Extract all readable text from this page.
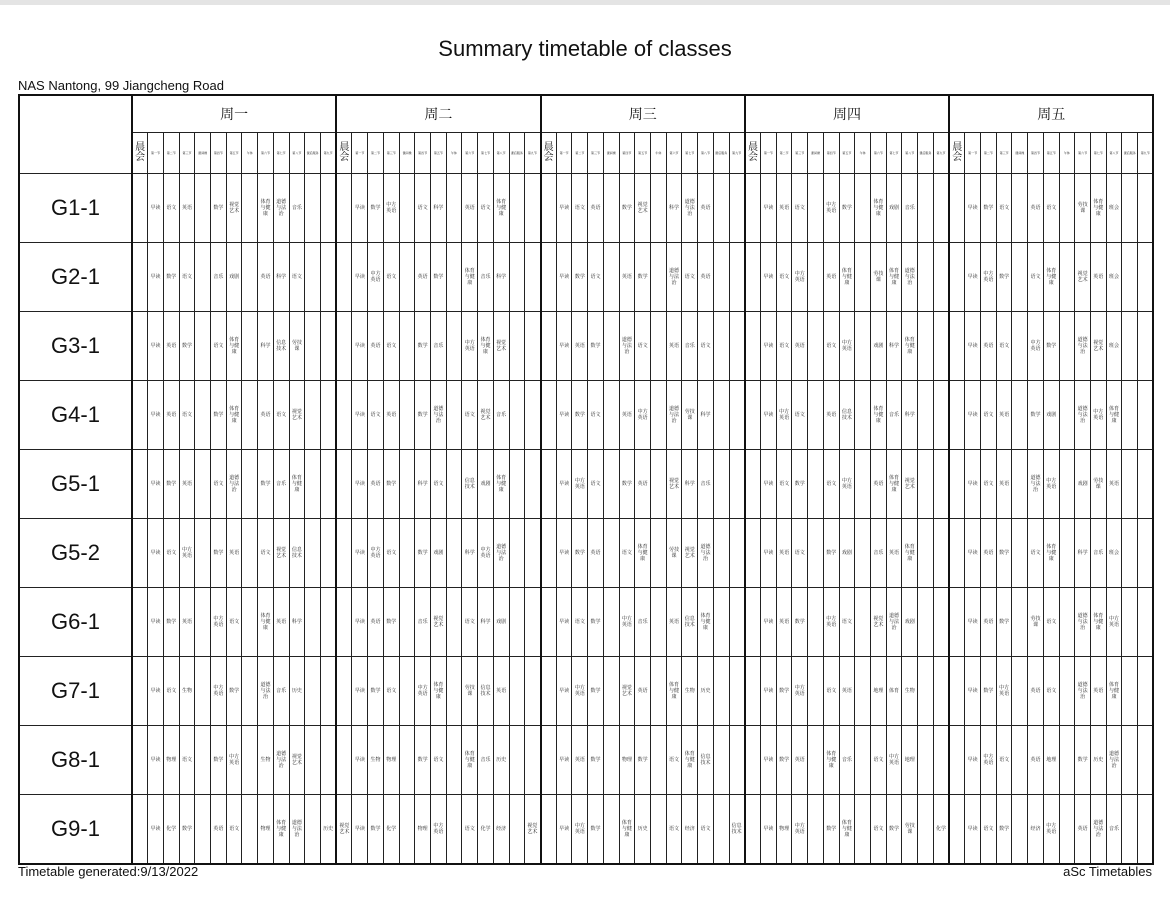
Summary timetable of classes
NAS Nantong, 99 Jiangcheng Road
	周一	周二	周三	周四	周五
晨会	第一节	第二节	第三节	课间操	第四节	第五节	午休	第六节	第七节	第八节	课后服务	第九节	晨会	第一节	第二节	第三节	课间操	第四节	第五节	午休	第六节	第七节	第八节	课后服务	第九节	晨会	第一节	第二节	第三节	课间操	第四节	第五节	午休	第六节	第七节	第八节	课后服务	第九节	晨会	第一节	第二节	第三节	课间操	第四节	第五节	午休	第六节	第七节	第八节	课后服务	第九节	晨会	第一节	第二节	第三节	课间操	第四节	第五节	午休	第六节	第七节	第八节	课后服务	第九节
G1-1		早读	语文	英语		数学	视觉艺术		体育与健康	道德与法治	音乐				早读	数学	中方英语		语文	科学		英语	语文	体育与健康				早读	语文	英语		数学	视觉艺术		科学	道德与法治	英语				早读	英语	语文		中方英语	数学		体育与健康	戏剧	音乐				早读	数学	语文		英语	语文		劳技课	体育与健康	班会		
G2-1		早读	数学	语文		音乐	戏剧		英语	科学	语文				早读	中方英语	语文		英语	数学		体育与健康	音乐	科学				早读	数学	语文		英语	数学		道德与法治	语文	英语				早读	语文	中方英语		英语	体育与健康		劳技课	体育与健康	道德与法治				早读	中方英语	数学		语文	体育与健康		视觉艺术	英语	班会		
G3-1		早读	英语	数学		语文	体育与健康		科学	信息技术	劳技课				早读	英语	语文		数学	音乐		中方英语	体育与健康	视觉艺术				早读	英语	数学		道德与法治	语文		英语	音乐	语文				早读	语文	英语		语文	中方英语		戏剧	科学	体育与健康				早读	英语	语文		中方英语	数学		道德与法治	视觉艺术	班会		
G4-1		早读	英语	语文		数学	体育与健康		英语	语文	视觉艺术				早读	语文	英语		数学	道德与法治		语文	视觉艺术	音乐				早读	数学	语文		英语	中方英语		道德与法治	劳技课	科学				早读	中方英语	语文		英语	信息技术		体育与健康	音乐	科学				早读	语文	英语		数学	戏剧		道德与法治	中方英语	体育与健康		
G5-1		早读	数学	英语		语文	道德与法治		数学	音乐	体育与健康				早读	英语	数学		科学	语文		信息技术	戏剧	体育与健康				早读	中方英语	语文		数学	英语		视觉艺术	科学	音乐				早读	语文	数学		语文	中方英语		英语	体育与健康	视觉艺术				早读	语文	英语		道德与法治	中方英语		戏剧	劳技课	英语		
G5-2		早读	语文	中方英语		数学	英语		语文	视觉艺术	信息技术				早读	中方英语	语文		数学	戏剧		科学	中方英语	道德与法治				早读	数学	英语		语文	体育与健康		劳技课	视觉艺术	道德与法治				早读	英语	语文		数学	戏剧		音乐	英语	体育与健康				早读	英语	数学		语文	体育与健康		科学	音乐	班会		
G6-1		早读	数学	英语		中方英语	语文		体育与健康	英语	科学				早读	英语	数学		音乐	视觉艺术		语文	科学	戏剧				早读	语文	数学		中方英语	音乐		英语	信息技术	体育与健康				早读	英语	数学		中方英语	语文		视觉艺术	道德与法治	戏剧				早读	英语	数学		劳技课	语文		道德与法治	体育与健康	中方英语		
G7-1		早读	语文	生物		中方英语	数学		道德与法治	音乐	历史				早读	数学	语文		中方英语	体育与健康		劳技课	信息技术	英语				早读	中方英语	数学		视觉艺术	英语		体育与健康	生物	历史				早读	数学	中方英语		语文	英语		地理	体育	生物				早读	数学	中方英语		英语	语文		道德与法治	英语	体育与健康		
G8-1		早读	物理	语文		数学	中方英语		生物	道德与法治	视觉艺术				早读	生物	物理		数学	语文		体育与健康	音乐	历史				早读	英语	数学		物理	数学		语文	体育与健康	信息技术				早读	数学	英语		体育与健康	音乐		语文	中方英语	地理				早读	中方英语	语文		英语	地理		数学	历史	道德与法治		
G9-1		早读	化学	数学		英语	语文		物理	体育与健康	道德与法治		历史	视觉艺术	早读	数学	化学		物理	中方英语		语文	化学	经济		视觉艺术		早读	中方英语	数学		体育与健康	历史		语文	经济	语文		信息技术		早读	物理	中方英语		数学	体育与健康		语文	数学	劳技课		化学		早读	语文	数学		经济	中方英语		英语	道德与法治	音乐		
Timetable generated:9/13/2022	aSc Timetables
